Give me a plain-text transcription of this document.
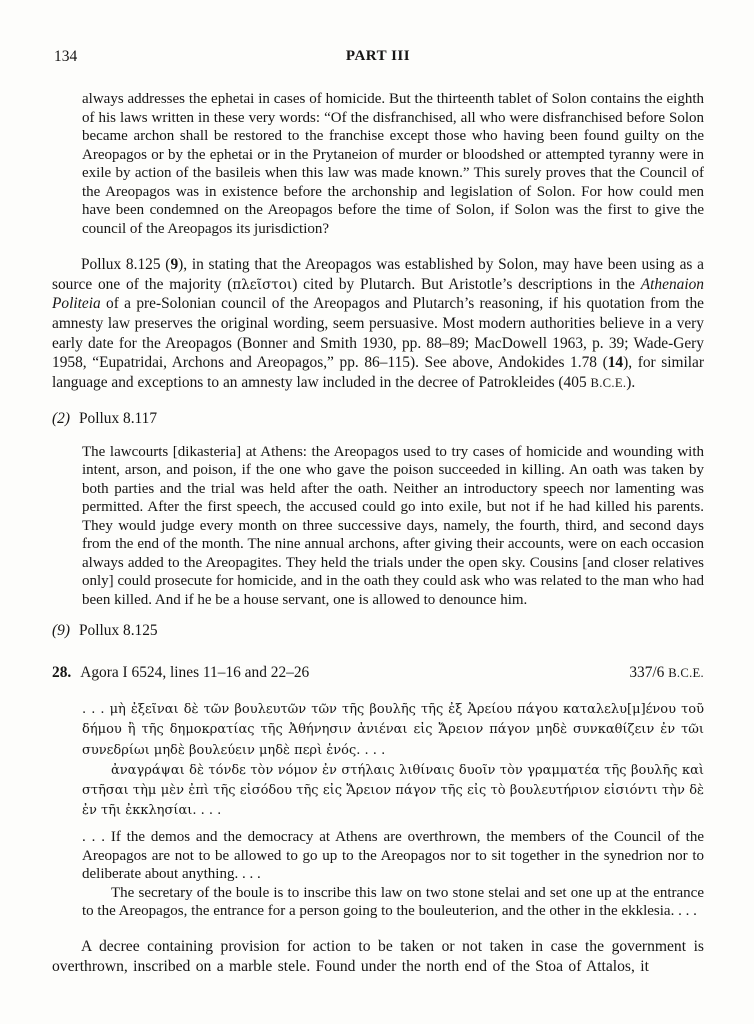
134	PART III

always addresses the ephetai in cases of homicide. But the thirteenth tablet of Solon contains the eighth of his laws written in these very words: “Of the disfranchised, all who were disfranchised before Solon became archon shall be restored to the franchise except those who having been found guilty on the Areopagos or by the ephetai or in the Prytaneion of murder or bloodshed or attempted tyranny were in exile by action of the basileis when this law was made known.” This surely proves that the Council of the Areopagos was in existence before the archonship and legislation of Solon. For how could men have been condemned on the Areopagos before the time of Solon, if Solon was the first to give the council of the Areopagos its jurisdiction?

Pollux 8.125 (9), in stating that the Areopagos was established by Solon, may have been using as a source one of the majority (πλεῖστοι) cited by Plutarch. But Aristotle’s descriptions in the Athenaion Politeia of a pre-Solonian council of the Areopagos and Plutarch’s reasoning, if his quotation from the amnesty law preserves the original wording, seem persuasive. Most modern authorities believe in a very early date for the Areopagos (Bonner and Smith 1930, pp. 88–89; MacDowell 1963, p. 39; Wade-Gery 1958, “Eupatridai, Archons and Areopagos,” pp. 86–115). See above, Andokides 1.78 (14), for similar language and exceptions to an amnesty law included in the decree of Patrokleides (405 B.C.E.).

(2) Pollux 8.117

The lawcourts [dikasteria] at Athens: the Areopagos used to try cases of homicide and wounding with intent, arson, and poison, if the one who gave the poison succeeded in killing. An oath was taken by both parties and the trial was held after the oath. Neither an introductory speech nor lamenting was permitted. After the first speech, the accused could go into exile, but not if he had killed his parents. They would judge every month on three successive days, namely, the fourth, third, and second days from the end of the month. The nine annual archons, after giving their accounts, were on each occasion always added to the Areopagites. They held the trials under the open sky. Cousins [and closer relatives only] could prosecute for homicide, and in the oath they could ask who was related to the man who had been killed. And if he be a house servant, one is allowed to denounce him.

(9) Pollux 8.125

28. Agora I 6524, lines 11–16 and 22–26	337/6 B.C.E.

. . . μὴ ἐξεῖναι δὲ τῶν βουλευτῶν τῶν τῆς βουλῆς τῆς ἐξ Ἀρείου πάγου καταλελυ[μ]ένου τοῦ δήμου ἢ τῆς δημοκρατίας τῆς Ἀθήνησιν ἀνιέναι εἰς Ἄρειον πάγον μηδὲ συνκαθίζειν ἐν τῶι συνεδρίωι μηδὲ βουλεύειν μηδὲ περὶ ἑνός. . . .

ἀναγράψαι δὲ τόνδε τὸν νόμον ἐν στήλαις λιθίναις δυοῖν τὸν γραμματέα τῆς βουλῆς καὶ στῆσαι τὴμ μὲν ἐπὶ τῆς εἰσόδου τῆς εἰς Ἄρειον πάγον τῆς εἰς τὸ βουλευτήριον εἰσιόντι τὴν δὲ ἐν τῆι ἐκκλησίαι. . . .

. . . If the demos and the democracy at Athens are overthrown, the members of the Council of the Areopagos are not to be allowed to go up to the Areopagos nor to sit together in the synedrion nor to deliberate about anything. . . .

The secretary of the boule is to inscribe this law on two stone stelai and set one up at the entrance to the Areopagos, the entrance for a person going to the bouleuterion, and the other in the ekklesia. . . .

A decree containing provision for action to be taken or not taken in case the government is overthrown, inscribed on a marble stele. Found under the north end of the Stoa of Attalos, it
